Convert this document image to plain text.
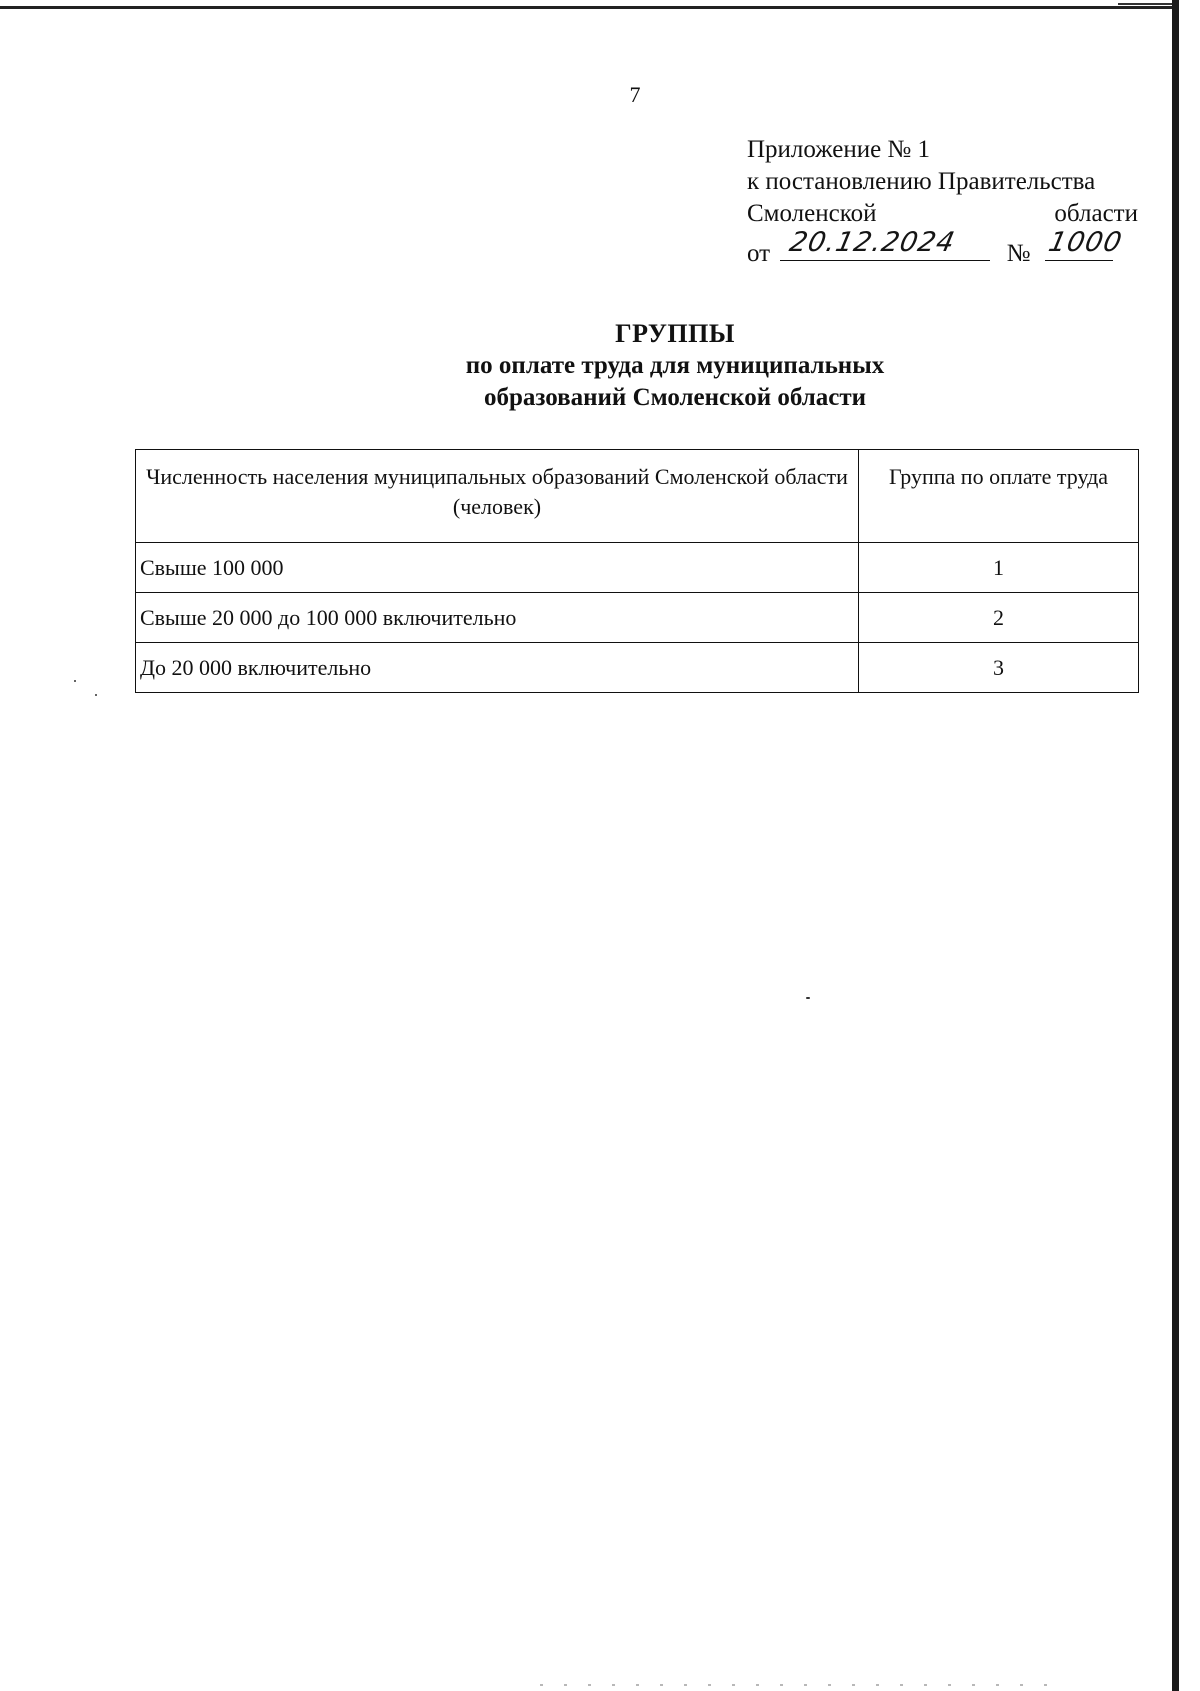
7
Приложение № 1
к постановлению Правительства
Смоленской	области
от 20.12.2024 № 1000
ГРУППЫ
по оплате труда для муниципальных
образований Смоленской области
Численность населения муниципальных образований Смоленской области (человек)	Группа по оплате труда
Свыше 100 000	1
Свыше 20 000 до 100 000 включительно	2
До 20 000 включительно	3
